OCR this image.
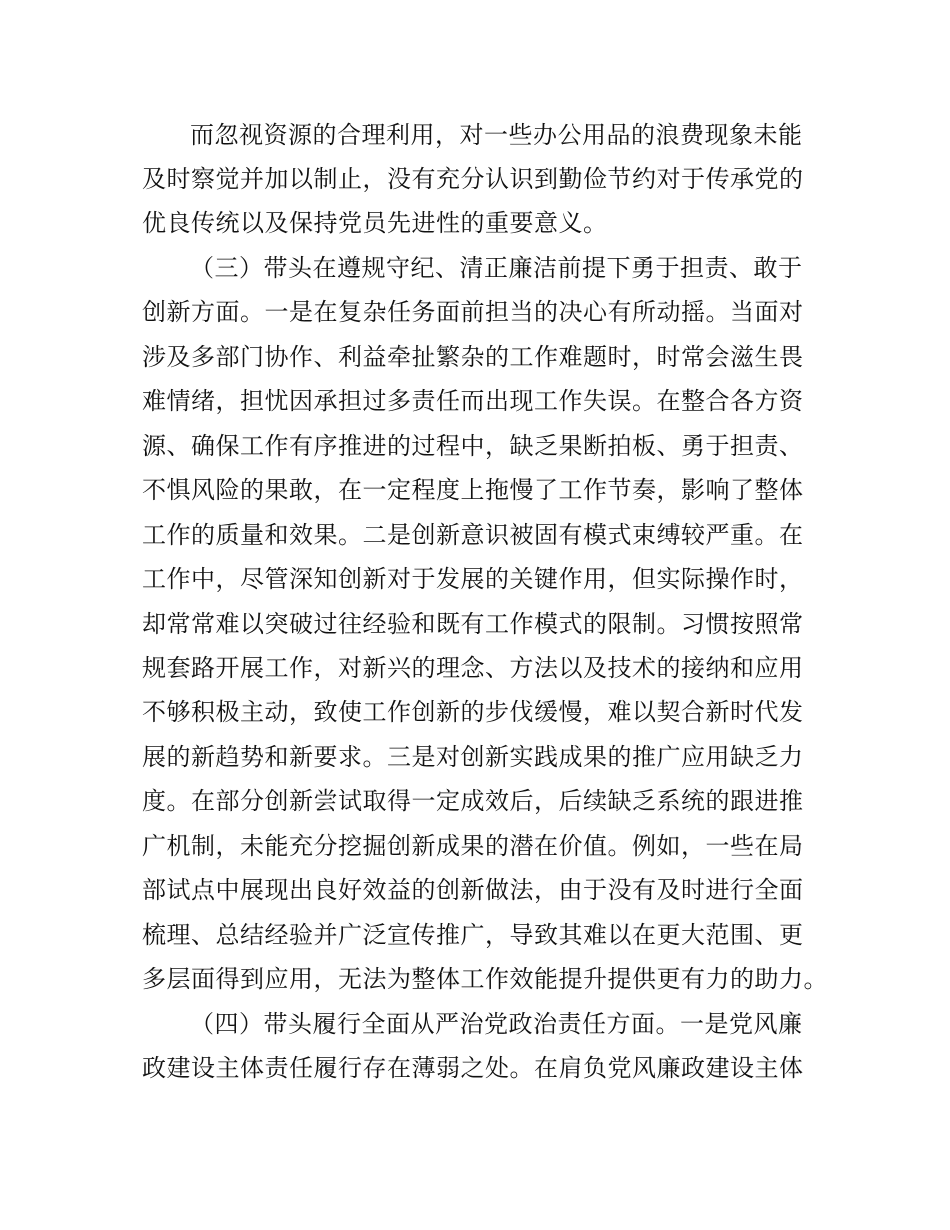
而忽视资源的合理利用，对一些办公用品的浪费现象未能
及时察觉并加以制止，没有充分认识到勤俭节约对于传承党的
优良传统以及保持党员先进性的重要意义。
（三）带头在遵规守纪、清正廉洁前提下勇于担责、敢于
创新方面。一是在复杂任务面前担当的决心有所动摇。当面对
涉及多部门协作、利益牵扯繁杂的工作难题时，时常会滋生畏
难情绪，担忧因承担过多责任而出现工作失误。在整合各方资
源、确保工作有序推进的过程中，缺乏果断拍板、勇于担责、
不惧风险的果敢，在一定程度上拖慢了工作节奏，影响了整体
工作的质量和效果。二是创新意识被固有模式束缚较严重。在
工作中，尽管深知创新对于发展的关键作用，但实际操作时，
却常常难以突破过往经验和既有工作模式的限制。习惯按照常
规套路开展工作，对新兴的理念、方法以及技术的接纳和应用
不够积极主动，致使工作创新的步伐缓慢，难以契合新时代发
展的新趋势和新要求。三是对创新实践成果的推广应用缺乏力
度。在部分创新尝试取得一定成效后，后续缺乏系统的跟进推
广机制，未能充分挖掘创新成果的潜在价值。例如，一些在局
部试点中展现出良好效益的创新做法，由于没有及时进行全面
梳理、总结经验并广泛宣传推广，导致其难以在更大范围、更
多层面得到应用，无法为整体工作效能提升提供更有力的助力。
（四）带头履行全面从严治党政治责任方面。一是党风廉
政建设主体责任履行存在薄弱之处。在肩负党风廉政建设主体
